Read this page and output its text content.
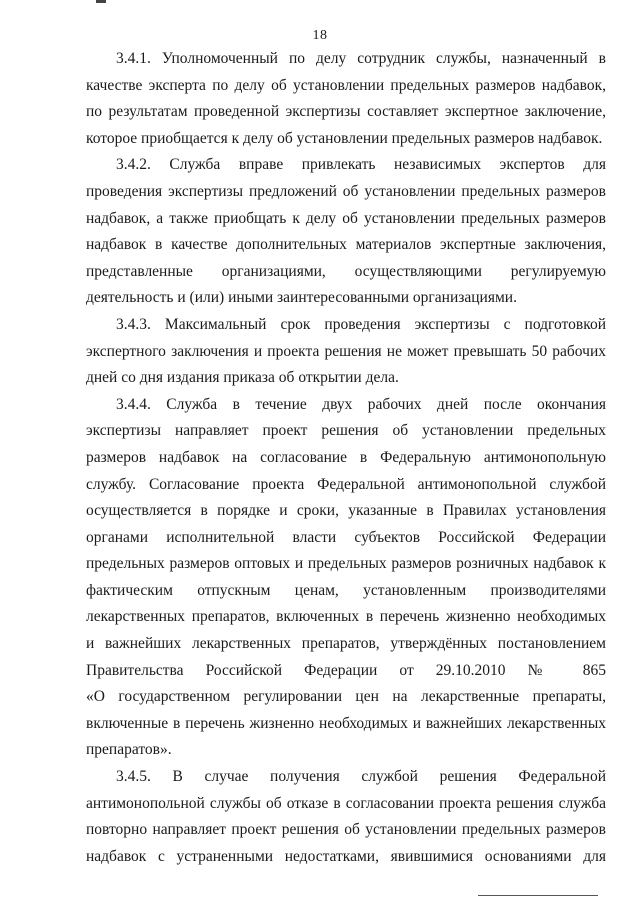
18
3.4.1. Уполномоченный по делу сотрудник службы, назначенный в
качестве эксперта по делу об установлении предельных размеров надбавок,
по результатам проведенной экспертизы составляет экспертное заключение,
которое приобщается к делу об установлении предельных размеров надбавок.
3.4.2. Служба вправе привлекать независимых экспертов для
проведения экспертизы предложений об установлении предельных размеров
надбавок, а также приобщать к делу об установлении предельных размеров
надбавок в качестве дополнительных материалов экспертные заключения,
представленные организациями, осуществляющими регулируемую
деятельность и (или) иными заинтересованными организациями.
3.4.3. Максимальный срок проведения экспертизы с подготовкой
экспертного заключения и проекта решения не может превышать 50 рабочих
дней со дня издания приказа об открытии дела.
3.4.4. Служба в течение двух рабочих дней после окончания
экспертизы направляет проект решения об установлении предельных
размеров надбавок на согласование в Федеральную антимонопольную
службу. Согласование проекта Федеральной антимонопольной службой
осуществляется в порядке и сроки, указанные в Правилах установления
органами исполнительной власти субъектов Российской Федерации
предельных размеров оптовых и предельных размеров розничных надбавок к
фактическим отпускным ценам, установленным производителями
лекарственных препаратов, включенных в перечень жизненно необходимых
и важнейших лекарственных препаратов, утверждённых постановлением
Правительства Российской Федерации от 29.10.2010 № 865
«О государственном регулировании цен на лекарственные препараты,
включенные в перечень жизненно необходимых и важнейших лекарственных
препаратов».
3.4.5. В случае получения службой решения Федеральной
антимонопольной службы об отказе в согласовании проекта решения служба
повторно направляет проект решения об установлении предельных размеров
надбавок с устраненными недостатками, явившимися основаниями для
